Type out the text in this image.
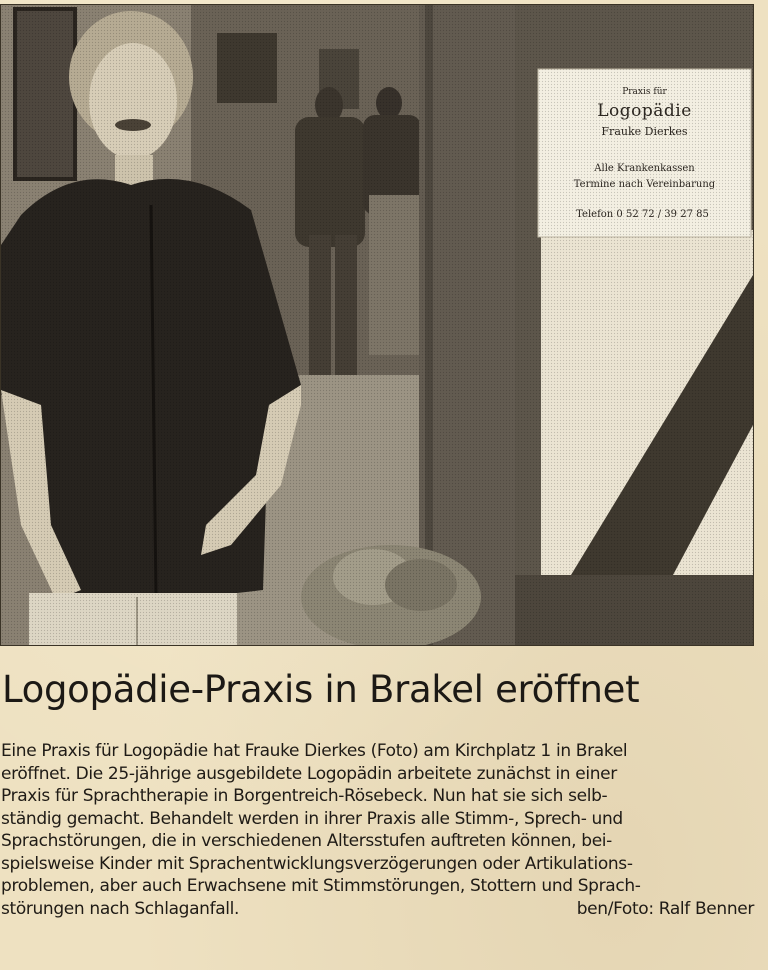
Praxis für
Logopädie
Frauke Dierkes
Alle Krankenkassen
Termine nach Vereinbarung
Telefon 0 52 72 / 39 27 85
Logopädie-Praxis in Brakel eröffnet
Eine Praxis für Logopädie hat Frauke Dierkes (Foto) am Kirchplatz 1 in Brakel
eröffnet. Die 25-jährige ausgebildete Logopädin arbeitete zunächst in einer
Praxis für Sprachtherapie in Borgentreich-Rösebeck. Nun hat sie sich selb-
ständig gemacht. Behandelt werden in ihrer Praxis alle Stimm-, Sprech- und
Sprachstörungen, die in verschiedenen Altersstufen auftreten können, bei-
spielsweise Kinder mit Sprachentwicklungsverzögerungen oder Artikulations-
problemen, aber auch Erwachsene mit Stimmstörungen, Stottern und Sprach-
störungen nach Schlaganfall.	ben/Foto: Ralf Benner
